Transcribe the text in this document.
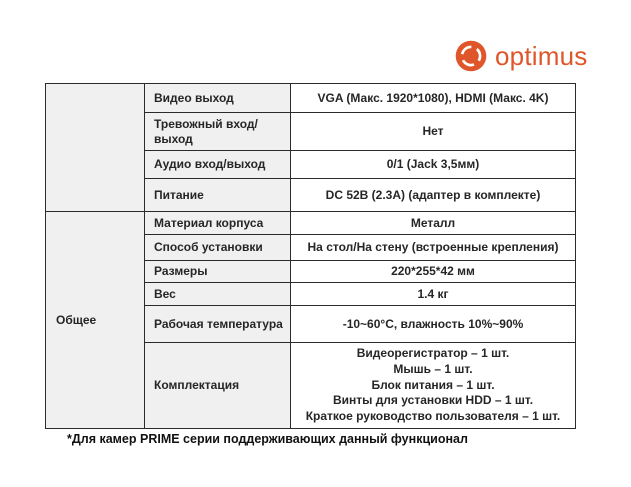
optimus
	Видео выход	VGA (Макс. 1920*1080), HDMI (Макс. 4K)
	Тревожный вход/выход	Нет
	Аудио вход/выход	0/1 (Jack 3,5мм)
	Питание	DC 52В (2.3A) (адаптер в комплекте)
Общее	Материал корпуса	Металл
	Способ установки	На стол/На стену (встроенные крепления)
	Размеры	220*255*42 мм
	Вес	1.4 кг
	Рабочая температура	-10~60°C, влажность 10%~90%
	Комплектация	Видеорегистратор – 1 шт.
Мышь – 1 шт.
Блок питания – 1 шт.
Винты для установки HDD – 1 шт.
Краткое руководство пользователя – 1 шт.
*Для камер PRIME серии поддерживающих данный функционал
